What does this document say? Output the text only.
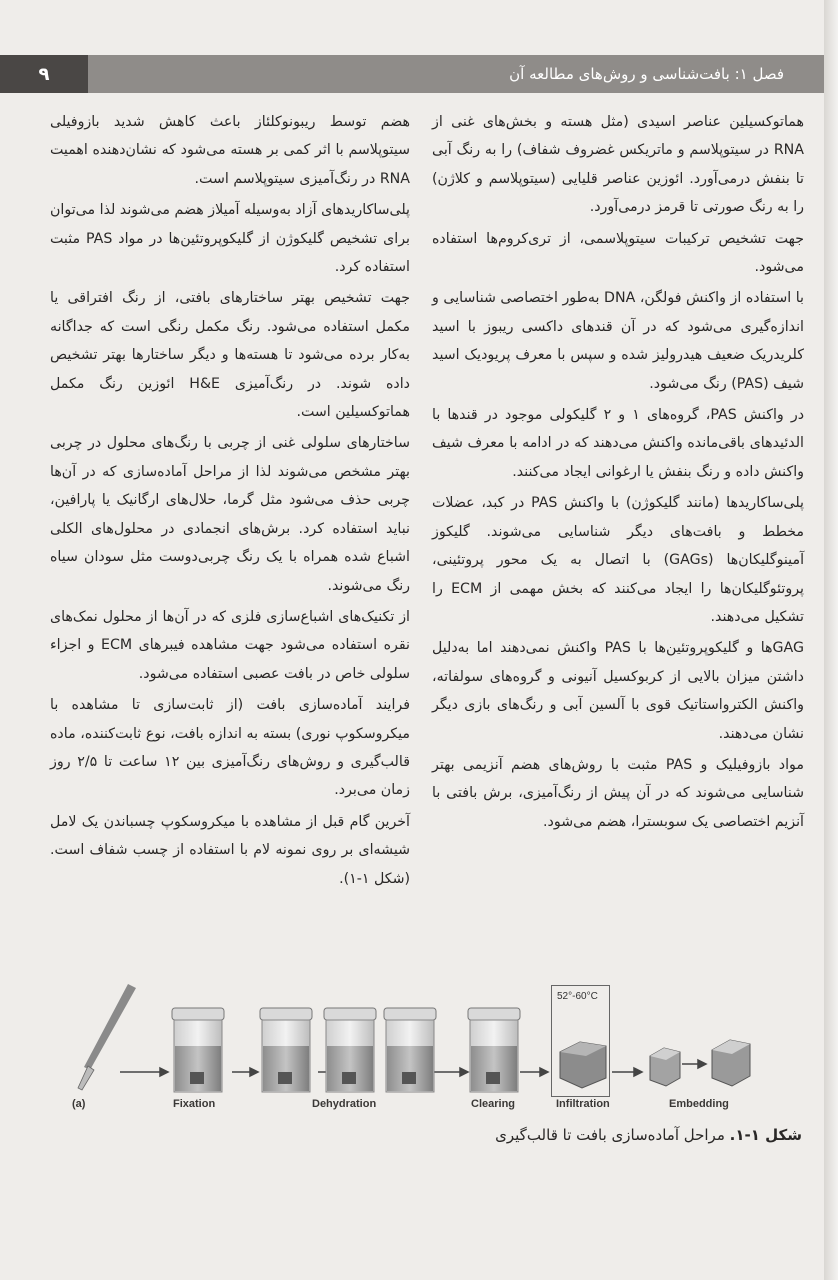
۹	فصل ۱: بافت‌شناسی و روش‌های مطالعه آن

هماتوکسیلین عناصر اسیدی (مثل هسته و بخش‌های غنی از RNA در سیتوپلاسم و ماتریکس غضروف شفاف) را به رنگ آبی تا بنفش درمی‌آورد. ائوزین عناصر قلیایی (سیتوپلاسم و کلاژن) را به رنگ صورتی تا قرمز درمی‌آورد.

جهت تشخیص ترکیبات سیتوپلاسمی، از تری‌کروم‌ها استفاده می‌شود.

با استفاده از واکنش فولگن، DNA به‌طور اختصاصی شناسایی و اندازه‌گیری می‌شود که در آن قندهای داکسی ریبوز با اسید کلریدریک ضعیف هیدرولیز شده و سپس با معرف پریودیک اسید شیف (PAS) رنگ می‌شود.

در واکنش PAS، گروه‌های ۱ و ۲ گلیکولی موجود در قندها با الدئیدهای باقی‌مانده واکنش می‌دهند که در ادامه با معرف شیف واکنش داده و رنگ بنفش یا ارغوانی ایجاد می‌کنند.

پلی‌ساکاریدها (مانند گلیکوژن) با واکنش PAS در کبد، عضلات مخطط و بافت‌های دیگر شناسایی می‌شوند. گلیکوز آمینوگلیکان‌ها (GAGs) با اتصال به یک محور پروتئینی، پروتئوگلیکان‌ها را ایجاد می‌کنند که بخش مهمی از ECM را تشکیل می‌دهند.

GAGها و گلیکوپروتئین‌ها با PAS واکنش نمی‌دهند اما به‌دلیل داشتن میزان بالایی از کربوکسیل آنیونی و گروه‌های سولفاته، واکنش الکترواستاتیک قوی با آلسین آبی و رنگ‌های بازی دیگر نشان می‌دهند.

مواد بازوفیلیک و PAS مثبت با روش‌های هضم آنزیمی بهتر شناسایی می‌شوند که در آن پیش از رنگ‌آمیزی، برش بافتی با آنزیم اختصاصی یک سوبسترا، هضم می‌شود.

هضم توسط ریبونوکلئاز باعث کاهش شدید بازوفیلی سیتوپلاسم با اثر کمی بر هسته می‌شود که نشان‌دهنده اهمیت RNA در رنگ‌آمیزی سیتوپلاسم است.

پلی‌ساکاریدهای آزاد به‌وسیله آمیلاز هضم می‌شوند لذا می‌توان برای تشخیص گلیکوژن از گلیکوپروتئین‌ها در مواد PAS مثبت استفاده کرد.

جهت تشخیص بهتر ساختارهای بافتی، از رنگ افتراقی یا مکمل استفاده می‌شود. رنگ مکمل رنگی است که جداگانه به‌کار برده می‌شود تا هسته‌ها و دیگر ساختارها بهتر تشخیص داده شوند. در رنگ‌آمیزی H&E ائوزین رنگ مکمل هماتوکسیلین است.

ساختارهای سلولی غنی از چربی با رنگ‌های محلول در چربی بهتر مشخص می‌شوند لذا از مراحل آماده‌سازی که در آن‌ها چربی حذف می‌شود مثل گرما، حلال‌های ارگانیک یا پارافین، نباید استفاده کرد. برش‌های انجمادی در محلول‌های الکلی اشباع شده همراه با یک رنگ چربی‌دوست مثل سودان سیاه رنگ می‌شوند.

از تکنیک‌های اشباع‌سازی فلزی که در آن‌ها از محلول نمک‌های نقره استفاده می‌شود جهت مشاهده فیبرهای ECM و اجزاء سلولی خاص در بافت عصبی استفاده می‌شود.

فرایند آماده‌سازی بافت (از ثابت‌سازی تا مشاهده با میکروسکوپ نوری) بسته به اندازه بافت، نوع ثابت‌کننده، ماده قالب‌گیری و روش‌های رنگ‌آمیزی بین ۱۲ ساعت تا ۲/۵ روز زمان می‌برد.

آخرین گام قبل از مشاهده با میکروسکوپ چسباندن یک لامل شیشه‌ای بر روی نمونه لام با استفاده از چسب شفاف است.(شکل ۱-۱).

52°-60°C
(a)	Fixation	Dehydration	Clearing	Infiltration	Embedding
شکل ۱-۱. مراحل آماده‌سازی بافت تا قالب‌گیری
